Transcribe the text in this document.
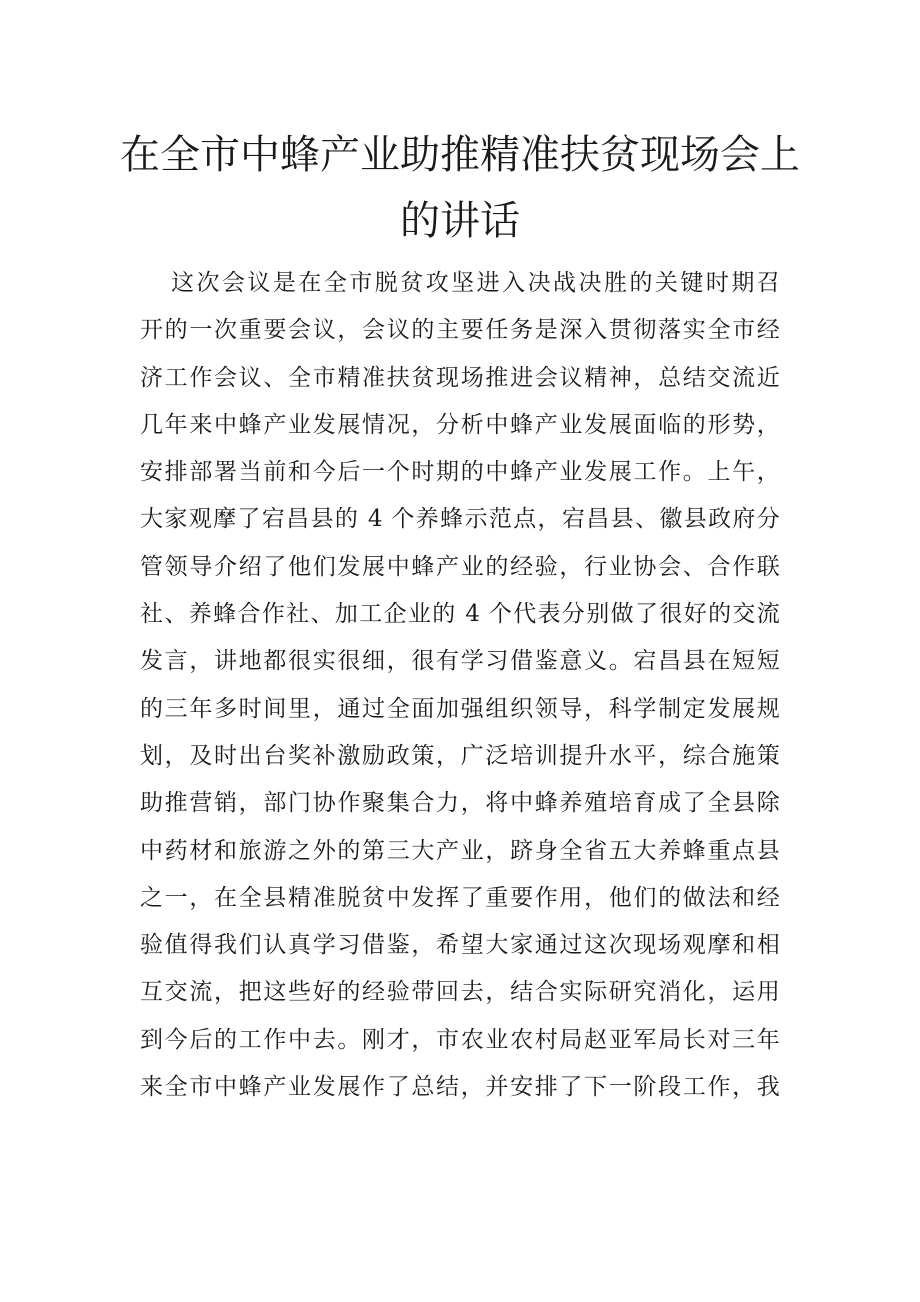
在全市中蜂产业助推精准扶贫现场会上
的讲话
这次会议是在全市脱贫攻坚进入决战决胜的关键时期召
开的一次重要会议，会议的主要任务是深入贯彻落实全市经
济工作会议、全市精准扶贫现场推进会议精神，总结交流近
几年来中蜂产业发展情况，分析中蜂产业发展面临的形势，
安排部署当前和今后一个时期的中蜂产业发展工作。上午，
大家观摩了宕昌县的 4 个养蜂示范点，宕昌县、徽县政府分
管领导介绍了他们发展中蜂产业的经验，行业协会、合作联
社、养蜂合作社、加工企业的 4 个代表分别做了很好的交流
发言，讲地都很实很细，很有学习借鉴意义。宕昌县在短短
的三年多时间里，通过全面加强组织领导，科学制定发展规
划，及时出台奖补激励政策，广泛培训提升水平，综合施策
助推营销，部门协作聚集合力，将中蜂养殖培育成了全县除
中药材和旅游之外的第三大产业，跻身全省五大养蜂重点县
之一，在全县精准脱贫中发挥了重要作用，他们的做法和经
验值得我们认真学习借鉴，希望大家通过这次现场观摩和相
互交流，把这些好的经验带回去，结合实际研究消化，运用
到今后的工作中去。刚才，市农业农村局赵亚军局长对三年
来全市中蜂产业发展作了总结，并安排了下一阶段工作，我
